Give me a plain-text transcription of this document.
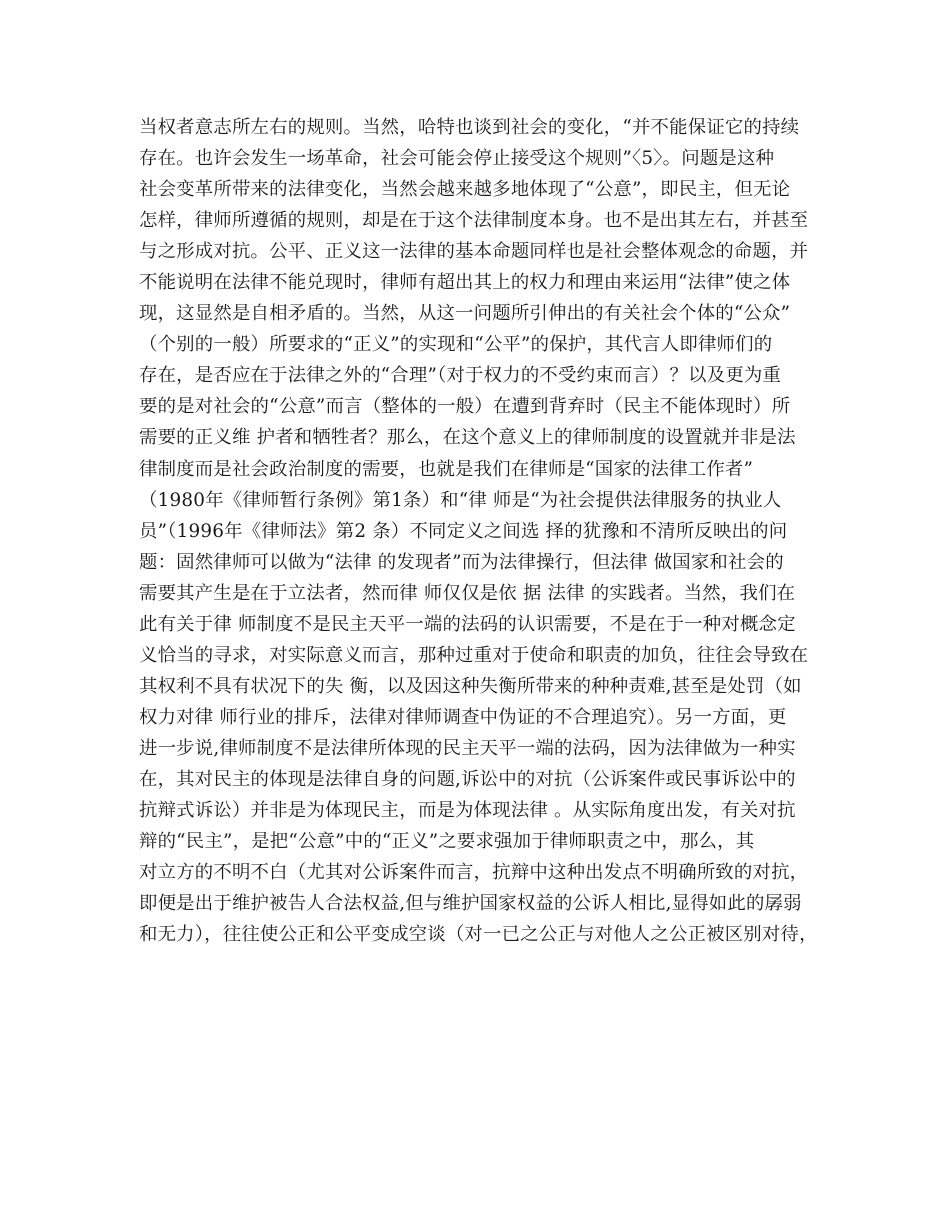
当权者意志所左右的规则。当然，哈特也谈到社会的变化，“并不能保证它的持续
存在。也许会发生一场革命，社会可能会停止接受这个规则”〈5〉。问题是这种
社会变革所带来的法律变化，当然会越来越多地体现了“公意”，即民主，但无论
怎样，律师所遵循的规则，却是在于这个法律制度本身。也不是出其左右，并甚至
与之形成对抗。公平、正义这一法律的基本命题同样也是社会整体观念的命题，并
不能说明在法律不能兑现时，律师有超出其上的权力和理由来运用“法律”使之体
现，这显然是自相矛盾的。当然，从这一问题所引伸出的有关社会个体的“公众”
（个别的一般）所要求的“正义”的实现和“公平”的保护，其代言人即律师们的
存在，是否应在于法律之外的“合理”（对于权力的不受约束而言）？以及更为重
要的是对社会的“公意”而言（整体的一般）在遭到背弃时（民主不能体现时）所
需要的正义维 护者和牺牲者？那么，在这个意义上的律师制度的设置就并非是法
律制度而是社会政治制度的需要，也就是我们在律师是“国家的法律工作者”
（1980年《律师暂行条例》第1条）和“律 师是“为社会提供法律服务的执业人
员”（1996年《律师法》第2 条）不同定义之间选 择的犹豫和不清所反映出的问
题：固然律师可以做为“法律 的发现者”而为法律操行，但法律 做国家和社会的
需要其产生是在于立法者，然而律 师仅仅是依 据 法律 的实践者。当然，我们在
此有关于律 师制度不是民主天平一端的法码的认识需要，不是在于一种对概念定
义恰当的寻求，对实际意义而言，那种过重对于使命和职责的加负，往往会导致在
其权利不具有状况下的失 衡，以及因这种失衡所带来的种种责难,甚至是处罚（如
权力对律 师行业的排斥，法律对律师调查中伪证的不合理追究）。另一方面，更
进一步说,律师制度不是法律所体现的民主天平一端的法码，因为法律做为一种实
在，其对民主的体现是法律自身的问题,诉讼中的对抗（公诉案件或民事诉讼中的
抗辩式诉讼）并非是为体现民主，而是为体现法律 。从实际角度出发，有关对抗
辩的“民主”，是把“公意”中的“正义”之要求强加于律师职责之中，那么，其
对立方的不明不白（尤其对公诉案件而言，抗辩中这种出发点不明确所致的对抗，
即便是出于维护被告人合法权益,但与维护国家权益的公诉人相比,显得如此的孱弱
和无力），往往使公正和公平变成空谈（对一已之公正与对他人之公正被区别对待，
